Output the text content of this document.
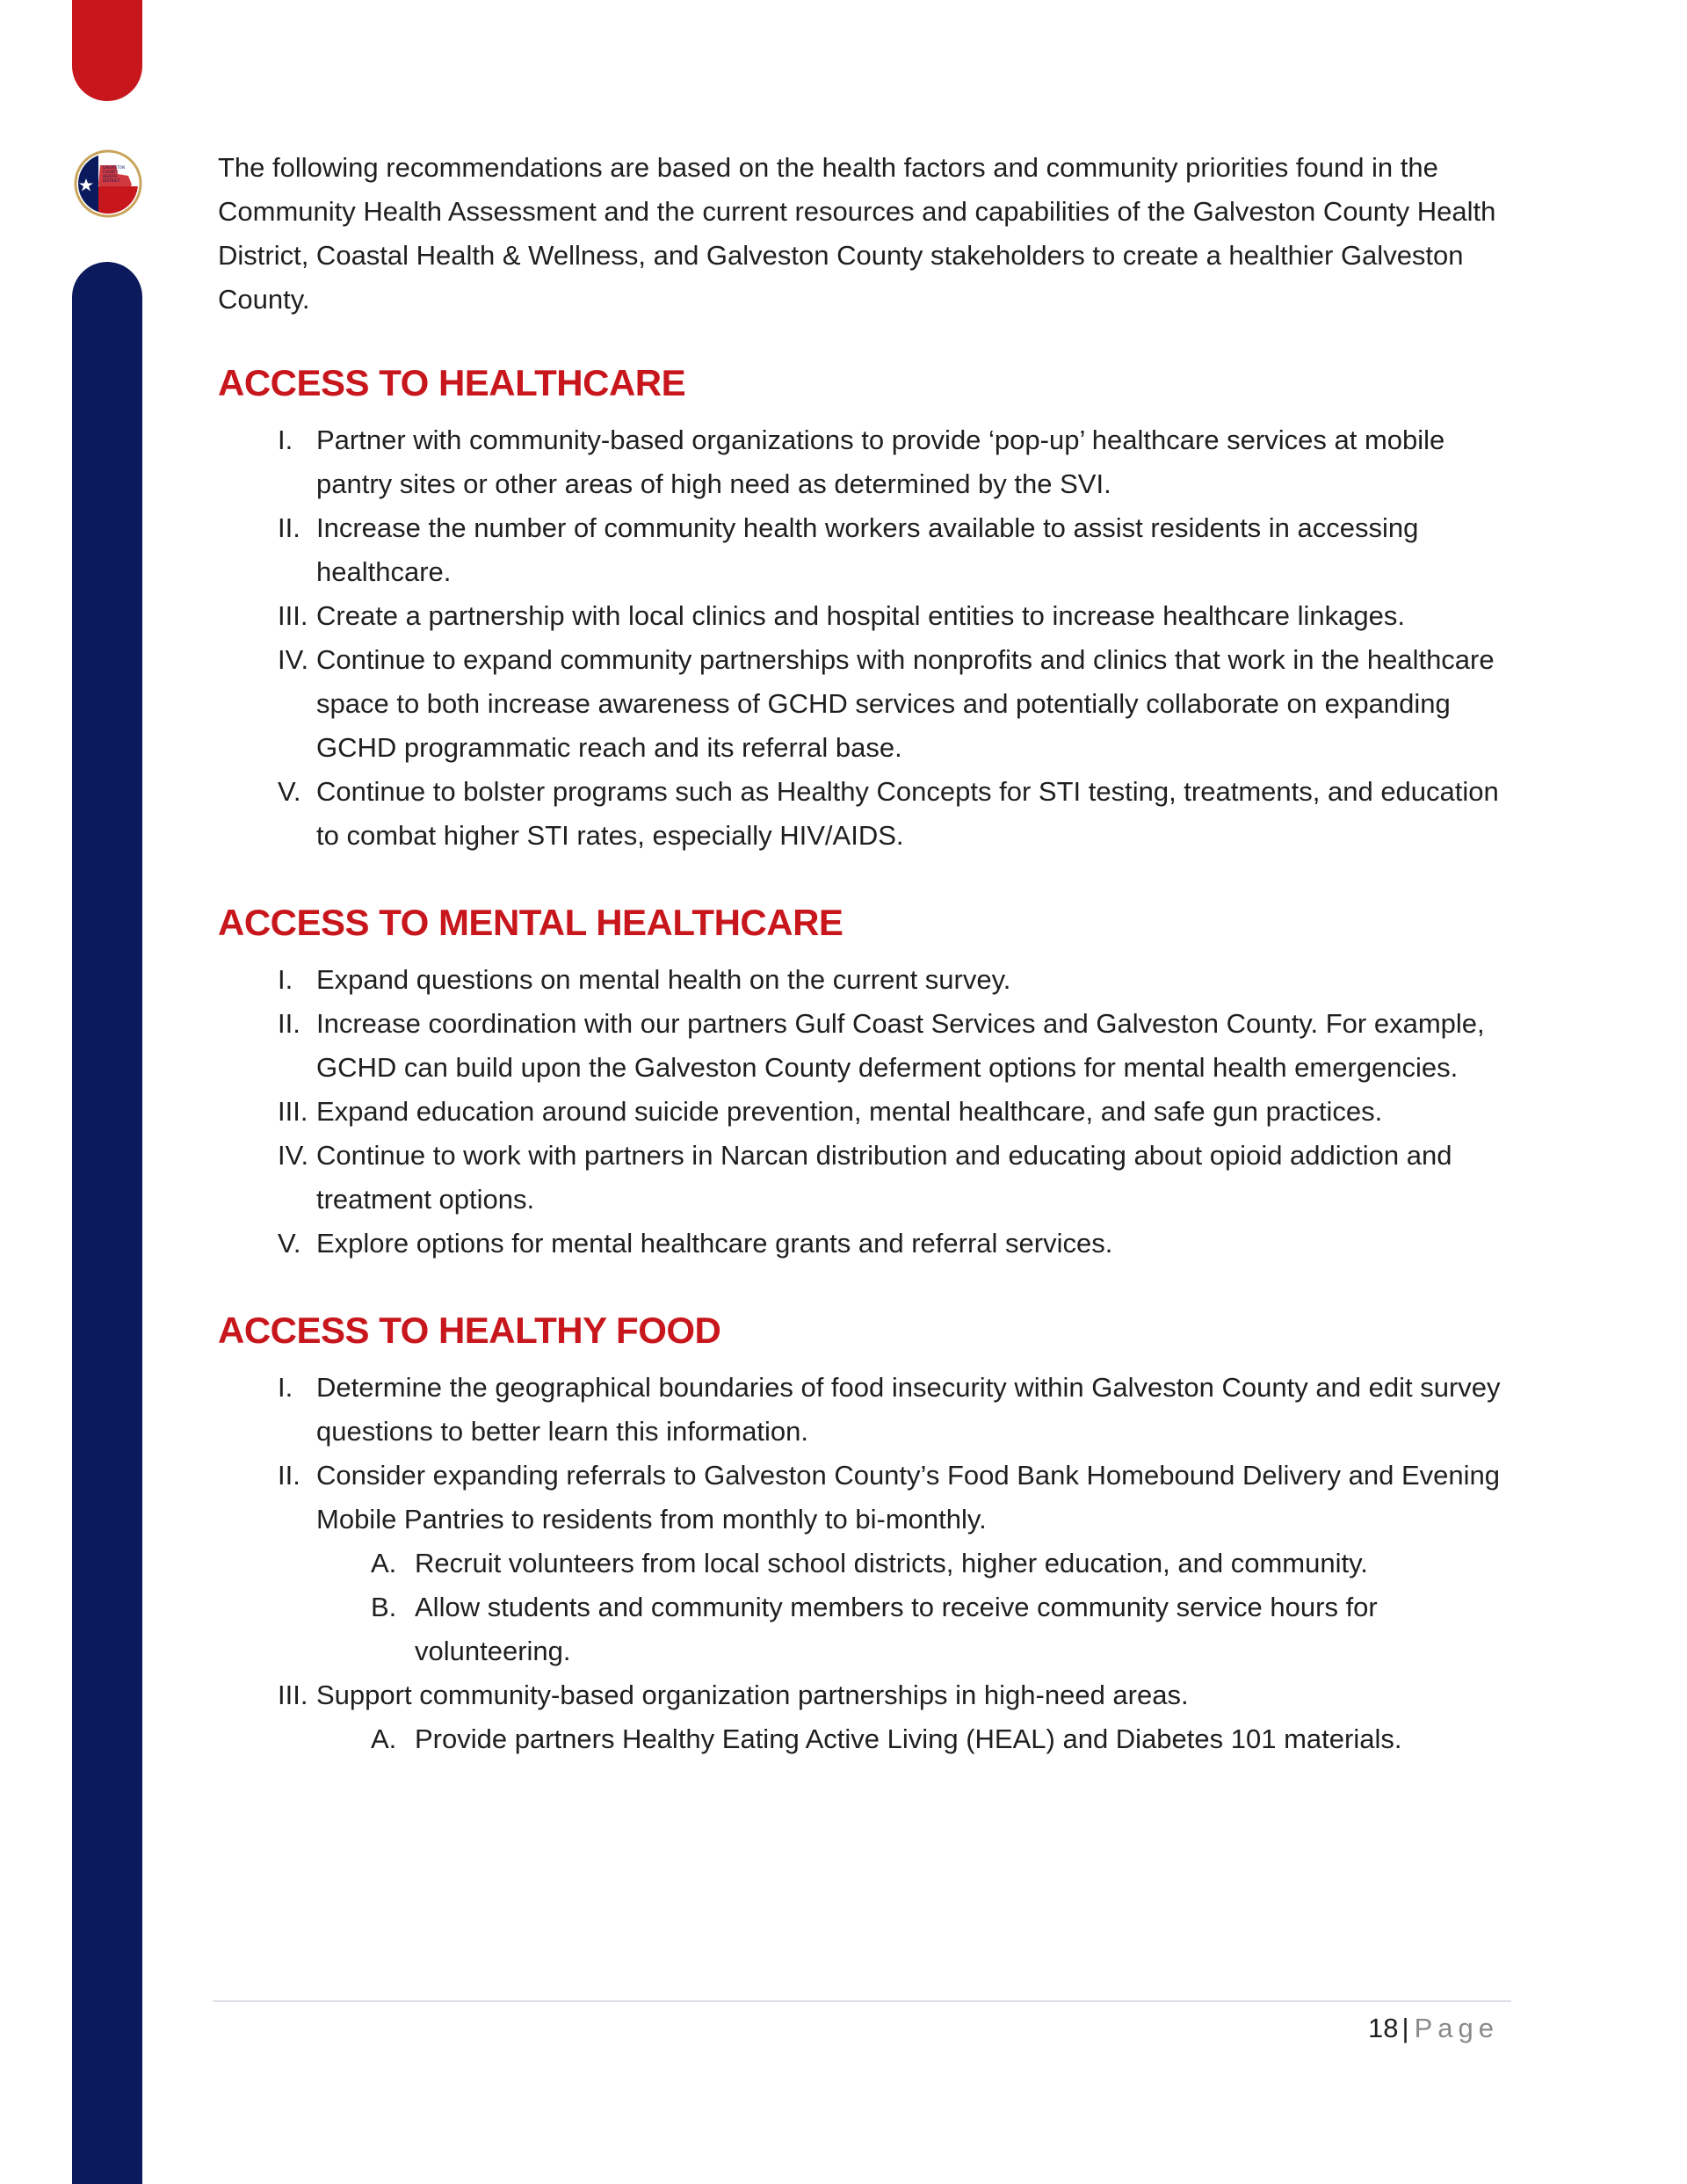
GALVESTON
COUNTY
HEALTH
DISTRICT	The following recommendations are based on the health factors and community priorities found in the Community Health Assessment and the current resources and capabilities of the Galveston County Health District, Coastal Health & Wellness, and Galveston County stakeholders to create a healthier Galveston County.

ACCESS TO HEALTHCARE
I. Partner with community-based organizations to provide ‘pop-up’ healthcare services at mobile pantry sites or other areas of high need as determined by the SVI.
II. Increase the number of community health workers available to assist residents in accessing healthcare.
III. Create a partnership with local clinics and hospital entities to increase healthcare linkages.
IV. Continue to expand community partnerships with nonprofits and clinics that work in the healthcare space to both increase awareness of GCHD services and potentially collaborate on expanding GCHD programmatic reach and its referral base.
V. Continue to bolster programs such as Healthy Concepts for STI testing, treatments, and education to combat higher STI rates, especially HIV/AIDS.
ACCESS TO MENTAL HEALTHCARE
I. Expand questions on mental health on the current survey.
II. Increase coordination with our partners Gulf Coast Services and Galveston County. For example, GCHD can build upon the Galveston County deferment options for mental health emergencies.
III. Expand education around suicide prevention, mental healthcare, and safe gun practices.
IV. Continue to work with partners in Narcan distribution and educating about opioid addiction and treatment options.
V. Explore options for mental healthcare grants and referral services.
ACCESS TO HEALTHY FOOD
I. Determine the geographical boundaries of food insecurity within Galveston County and edit survey questions to better learn this information.
II. Consider expanding referrals to Galveston County’s Food Bank Homebound Delivery and Evening Mobile Pantries to residents from monthly to bi-monthly.
A. Recruit volunteers from local school districts, higher education, and community.
B. Allow students and community members to receive community service hours for volunteering.
III. Support community-based organization partnerships in high-need areas.
A. Provide partners Healthy Eating Active Living (HEAL) and Diabetes 101 materials.
18 | Page
